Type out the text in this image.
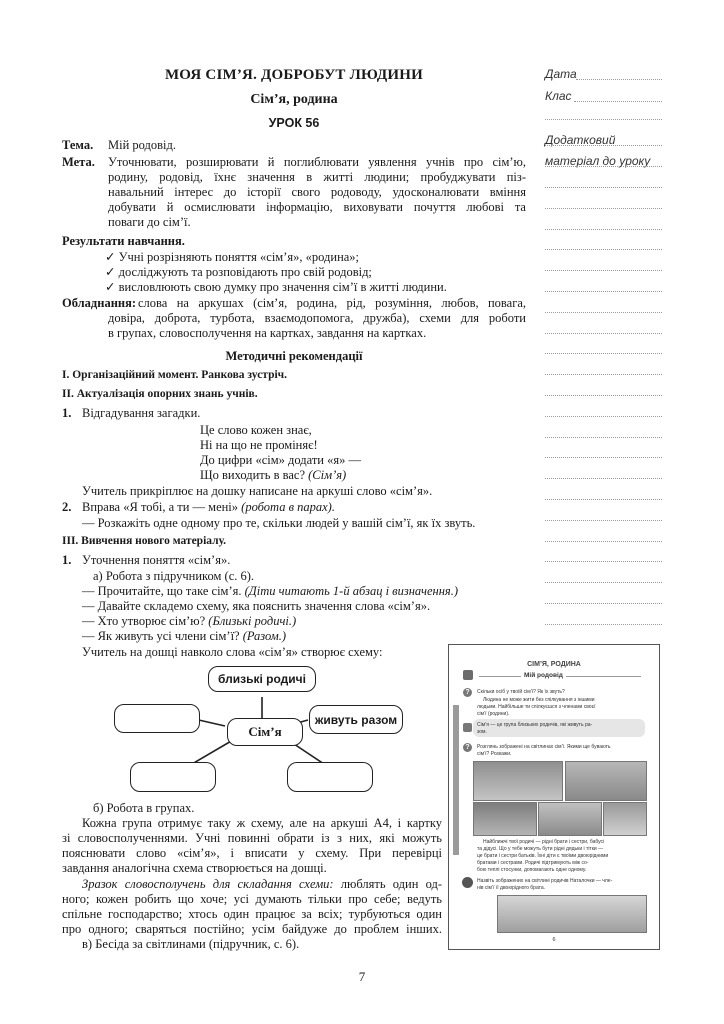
МОЯ СІМ’Я. ДОБРОБУТ ЛЮДИНИ
Сім’я, родина
УРОК 56
Дата
Клас
Додатковий
матеріал до уроку
Тема. Мій родовід.
Мета. Уточнювати, розширювати й поглиблювати уявлення учнів про сім’ю,
родину, родовід, їхнє значення в житті людини; пробуджувати піз-
навальний інтерес до історії свого родоводу, удосконалювати вміння
добувати й осмислювати інформацію, виховувати почуття любові та
поваги до сім’ї.
Результати навчання.
✓ Учні розрізняють поняття «сім’я», «родина»;
✓ досліджують та розповідають про свій родовід;
✓ висловлюють свою думку про значення сім’ї в житті людини.
Обладнання: слова на аркушах (сім’я, родина, рід, розуміння, любов, повага,
довіра, доброта, турбота, взаємодопомога, дружба), схеми для роботи
в групах, словосполучення на картках, завдання на картках.
Методичні рекомендації
I. Організаційний момент. Ранкова зустріч.
II. Актуалізація опорних знань учнів.
1. Відгадування загадки.
Це слово кожен знає,
Ні на що не проміняє!
До цифри «сім» додати «я» —
Що виходить в вас? (Сім’я)
Учитель прикріплює на дошку написане на аркуші слово «сім’я».
2. Вправа «Я тобі, а ти — мені» (робота в парах).
— Розкажіть одне одному про те, скільки людей у вашій сім’ї, як їх звуть.
III. Вивчення нового матеріалу.
1. Уточнення поняття «сім’я».
а) Робота з підручником (с. 6).
— Прочитайте, що таке сім’я. (Діти читають 1-й абзац і визначення.)
— Давайте складемо схему, яка пояснить значення слова «сім’я».
— Хто утворює сім’ю? (Близькі родичі.)
— Як живуть усі члени сім’ї? (Разом.)
Учитель на дошці навколо слова «сім’я» створює схему:
близькі родичі
Сім’я
живуть разом
б) Робота в групах.
Кожна група отримує таку ж схему, але на аркуші А4, і картку
зі словосполученнями. Учні повинні обрати із з них, які можуть
пояснювати слово «сім’я», і вписати у схему. При перевірці
завдання аналогічна схема створюється на дошці.
Зразок словосполучень для складання схеми: люблять один од-
ного; кожен робить що хоче; усі думають тільки про себе; ведуть
спільне господарство; хтось один працює за всіх; турбуються один
про одного; сваряться постійно; усім байдуже до проблем інших.
в) Бесіда за світлинами (підручник, с. 6).
СІМ’Я, РОДИНА
Мій родовід
?	Скільки осіб у твоїй сім’ї? Як їх звуть?
Людина не може жити без спілкування з іншими
людьми. Найбільше ти спілкуєшся з членами своєї
сім’ї (родини).
Сім’я — це група близьких родичів, які живуть ра-
зом.
?	Розглянь зображені на світлинах сім’ї. Якими ще бувають
сім’ї? Розкажи.
Найближчі твої родичі — рідні брати і сестри, бабусі
та дідусі. Що у тебе можуть бути рідні дядьки і тітки —
це брати і сестри батьків. Їхні діти є твоїми двоюрідними
братами і сестрами. Родичі підтримують між со-
бою теплі стосунки, допомагають одне одному.
Назвіть зображених на світлині родичів Наталочки — чле-
нів сім’ї її двоюрідного брата.
6
7
